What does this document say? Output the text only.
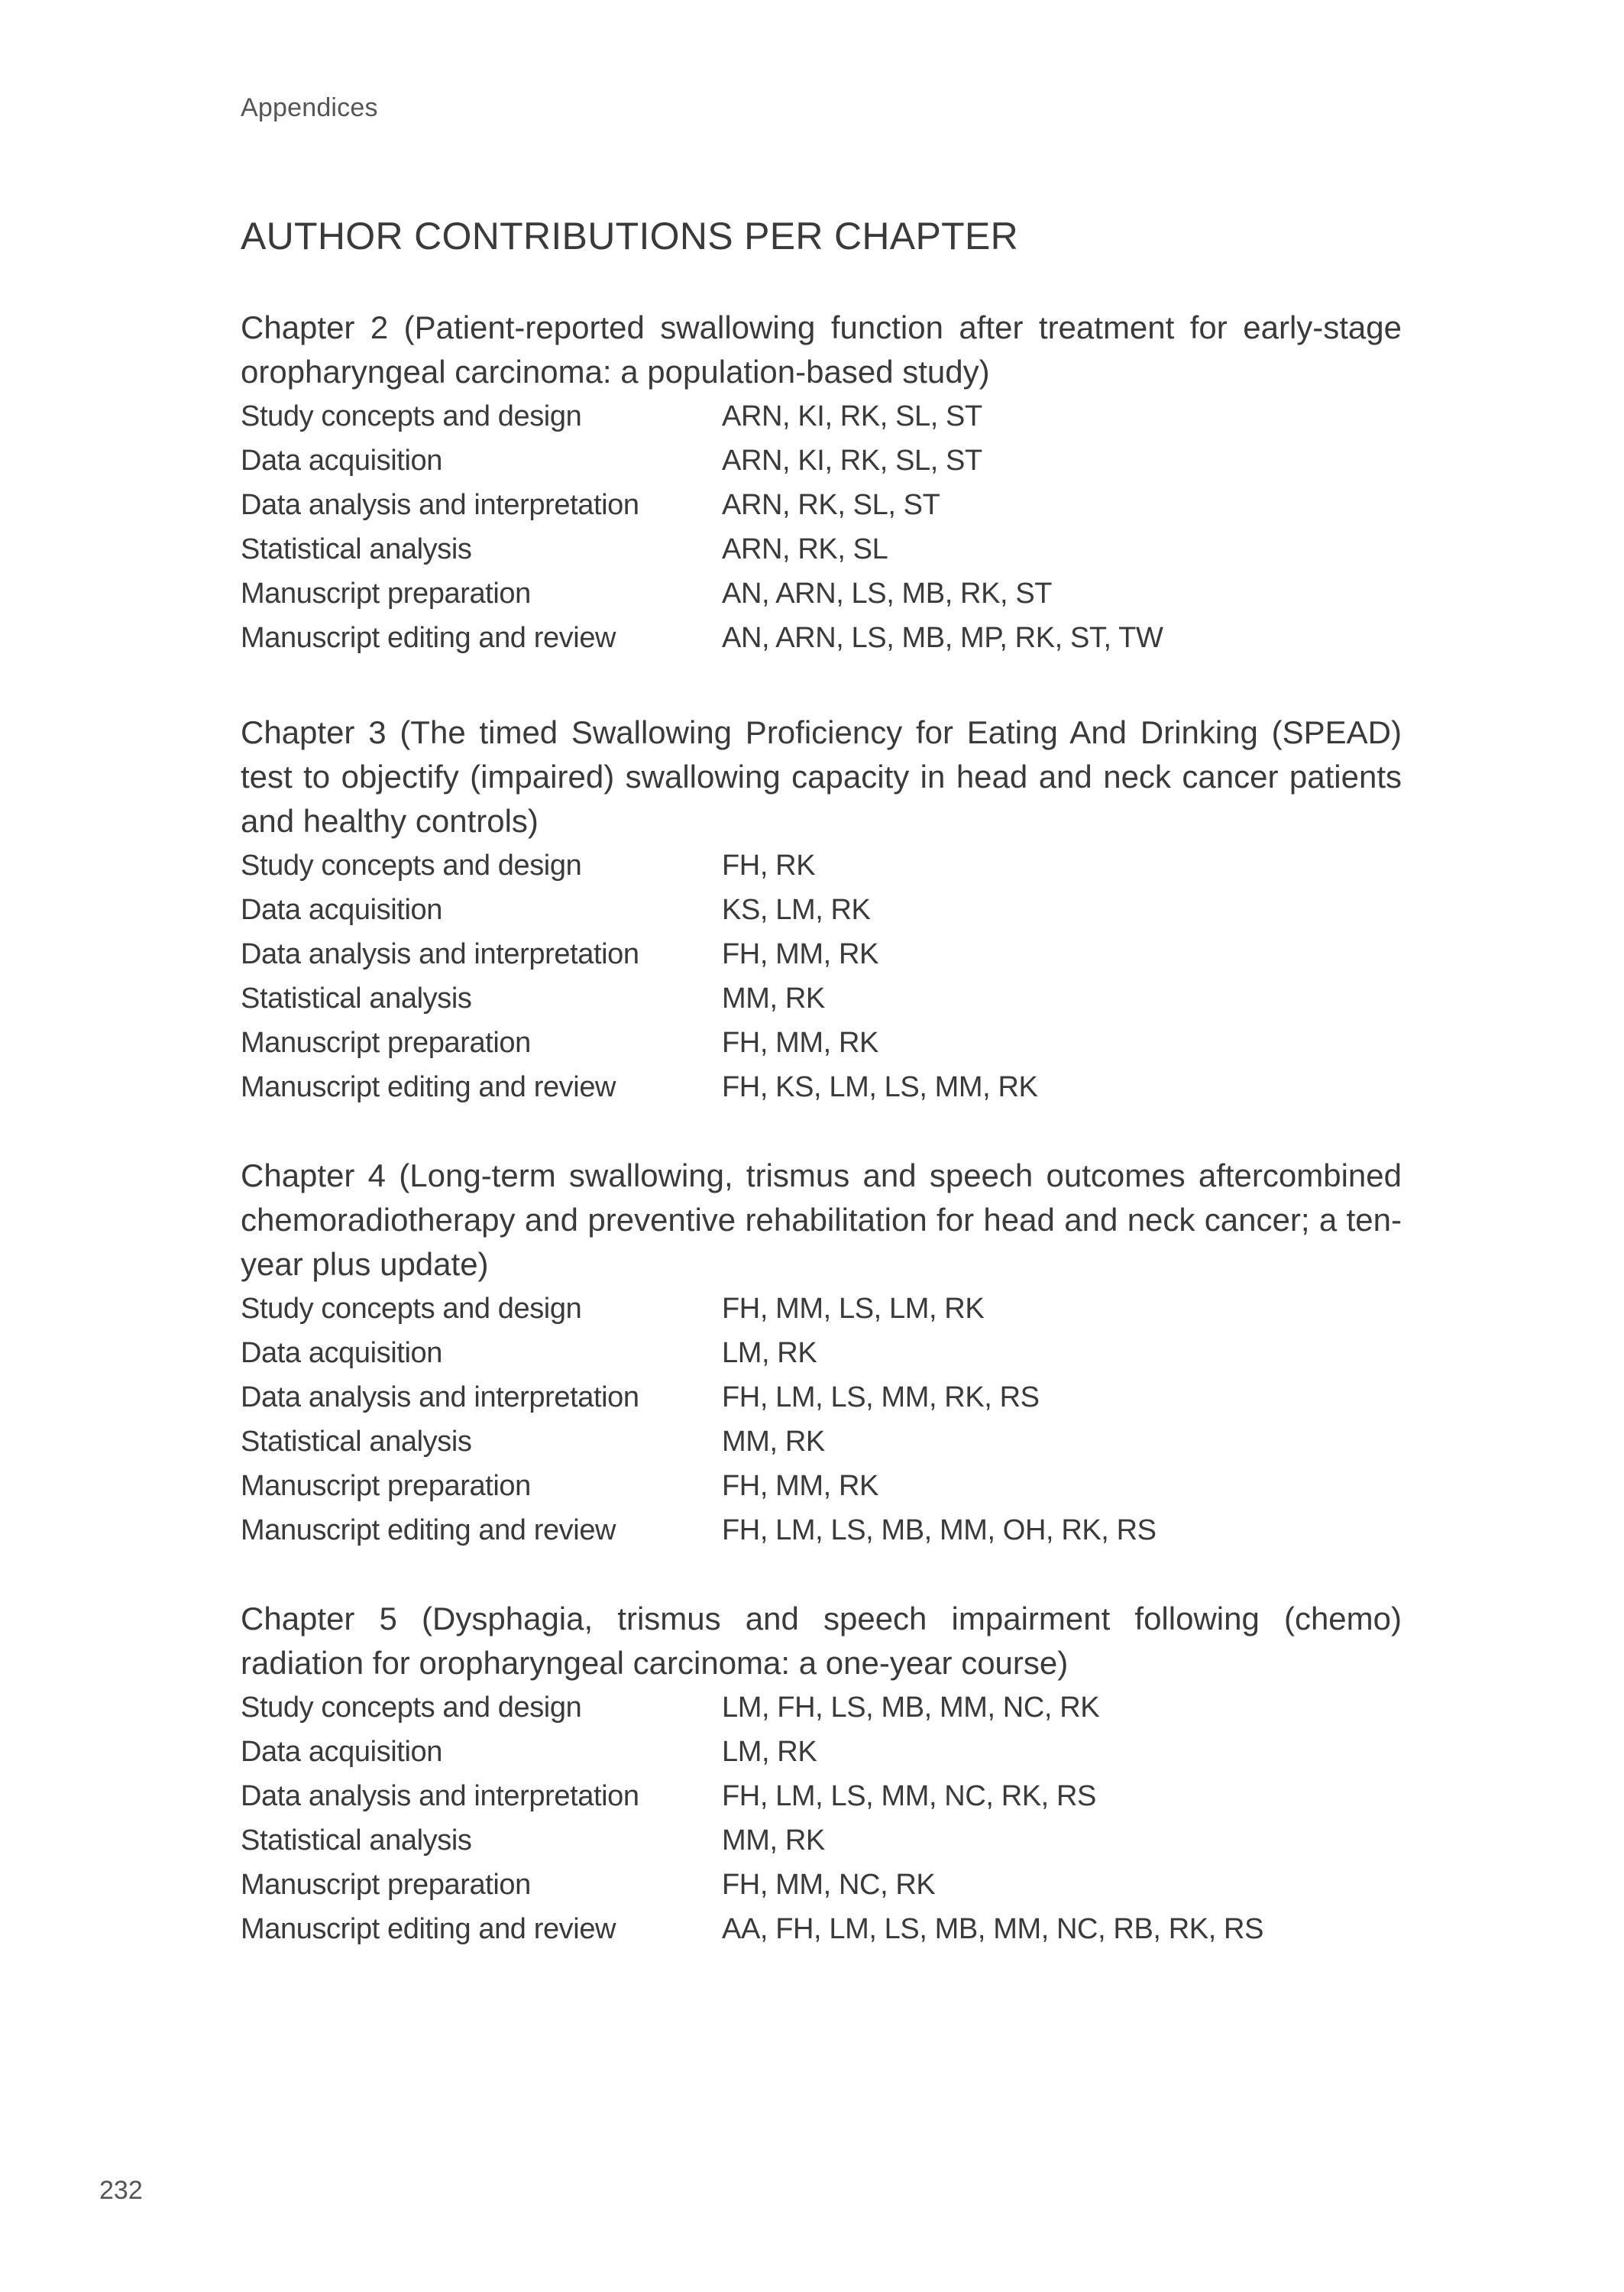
Appendices
AUTHOR CONTRIBUTIONS PER CHAPTER

Chapter 2 (Patient-reported swallowing function after treatment for early-stage oropharyngeal carcinoma: a population-based study)

Study concepts and design	ARN, KI, RK, SL, ST
Data acquisition	ARN, KI, RK, SL, ST
Data analysis and interpretation	ARN, RK, SL, ST
Statistical analysis	ARN, RK, SL
Manuscript preparation	AN, ARN, LS, MB, RK, ST
Manuscript editing and review	AN, ARN, LS, MB, MP, RK, ST, TW

Chapter 3 (The timed Swallowing Proficiency for Eating And Drinking (SPEAD) test to objectify (impaired) swallowing capacity in head and neck cancer patients and healthy controls)

Study concepts and design	FH, RK
Data acquisition	KS, LM, RK
Data analysis and interpretation	FH, MM, RK
Statistical analysis	MM, RK
Manuscript preparation	FH, MM, RK
Manuscript editing and review	FH, KS, LM, LS, MM, RK

Chapter 4 (Long-term swallowing, trismus and speech outcomes aftercombined chemoradiotherapy and preventive rehabilitation for head and neck cancer; a ten-year plus update)

Study concepts and design	FH, MM, LS, LM, RK
Data acquisition	LM, RK
Data analysis and interpretation	FH, LM, LS, MM, RK, RS
Statistical analysis	MM, RK
Manuscript preparation	FH, MM, RK
Manuscript editing and review	FH, LM, LS, MB, MM, OH, RK, RS

Chapter 5 (Dysphagia, trismus and speech impairment following (chemo) radiation for oropharyngeal carcinoma: a one-year course)

Study concepts and design	LM, FH, LS, MB, MM, NC, RK
Data acquisition	LM, RK
Data analysis and interpretation	FH, LM, LS, MM, NC, RK, RS
Statistical analysis	MM, RK
Manuscript preparation	FH, MM, NC, RK
Manuscript editing and review	AA, FH, LM, LS, MB, MM, NC, RB, RK, RS
232
